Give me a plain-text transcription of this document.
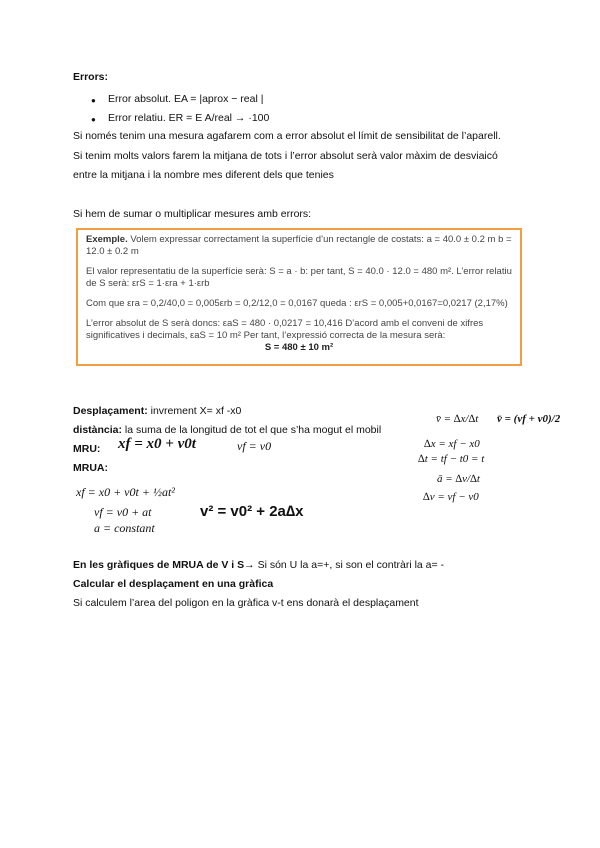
Errors:
● Error absolut. EA = |aprox − real |
● Error relatiu. ER = E A/real → ·100
Si només tenim una mesura agafarem com a error absolut el límit de sensibilitat de l’aparell.
Si tenim molts valors farem la mitjana de tots i l’error absolut serà valor màxim de desviaicó
entre la mitjana i la nombre mes diferent dels que tenies
Si hem de sumar o multiplicar mesures amb errors:

Exemple. Volem expressar correctament la superfície d’un rectangle de costats: a = 40.0 ± 0.2 m b = 12.0 ± 0.2 m

El valor representatiu de la superfície serà: S = a · b: per tant, S = 40.0 · 12.0 = 480 m². L’error relatiu de S serà: εrS = 1·εra + 1·εrb

Com que εra = 0,2/40,0 = 0,005εrb = 0,2/12,0 = 0,0167 queda : εrS = 0,005+0,0167=0,0217 (2,17%)

L’error absolut de S serà doncs: εaS = 480 · 0,0217 = 10,416 D’acord amb el conveni de xifres significatives i decimals, εaS = 10 m² Per tant, l’expressió correcta de la mesura serà:

S = 480 ± 10 m²

Desplaçament: invrement X= xf -x0
distància: la suma de la longitud de tot el que s’ha mogut el mobil
MRU: xf = x0 + v0t	vf = v0
MRUA:
xf = x0 + v0t + ½at²
vf = v0 + at
a = constant
v² = v0² + 2a∆x
v̄ = ∆x/∆t v̄ = (vf + v0)/2
∆x = xf − x0
∆t = tf − t0 = t
ā = ∆v/∆t
∆v = vf − v0
En les gràfiques de MRUA de V i S→ Si són U la a=+, si son el contràri la a= -
Calcular el desplaçament en una gràfica
Si calculem l’area del poligon en la gràfica v-t ens donarà el desplaçament
